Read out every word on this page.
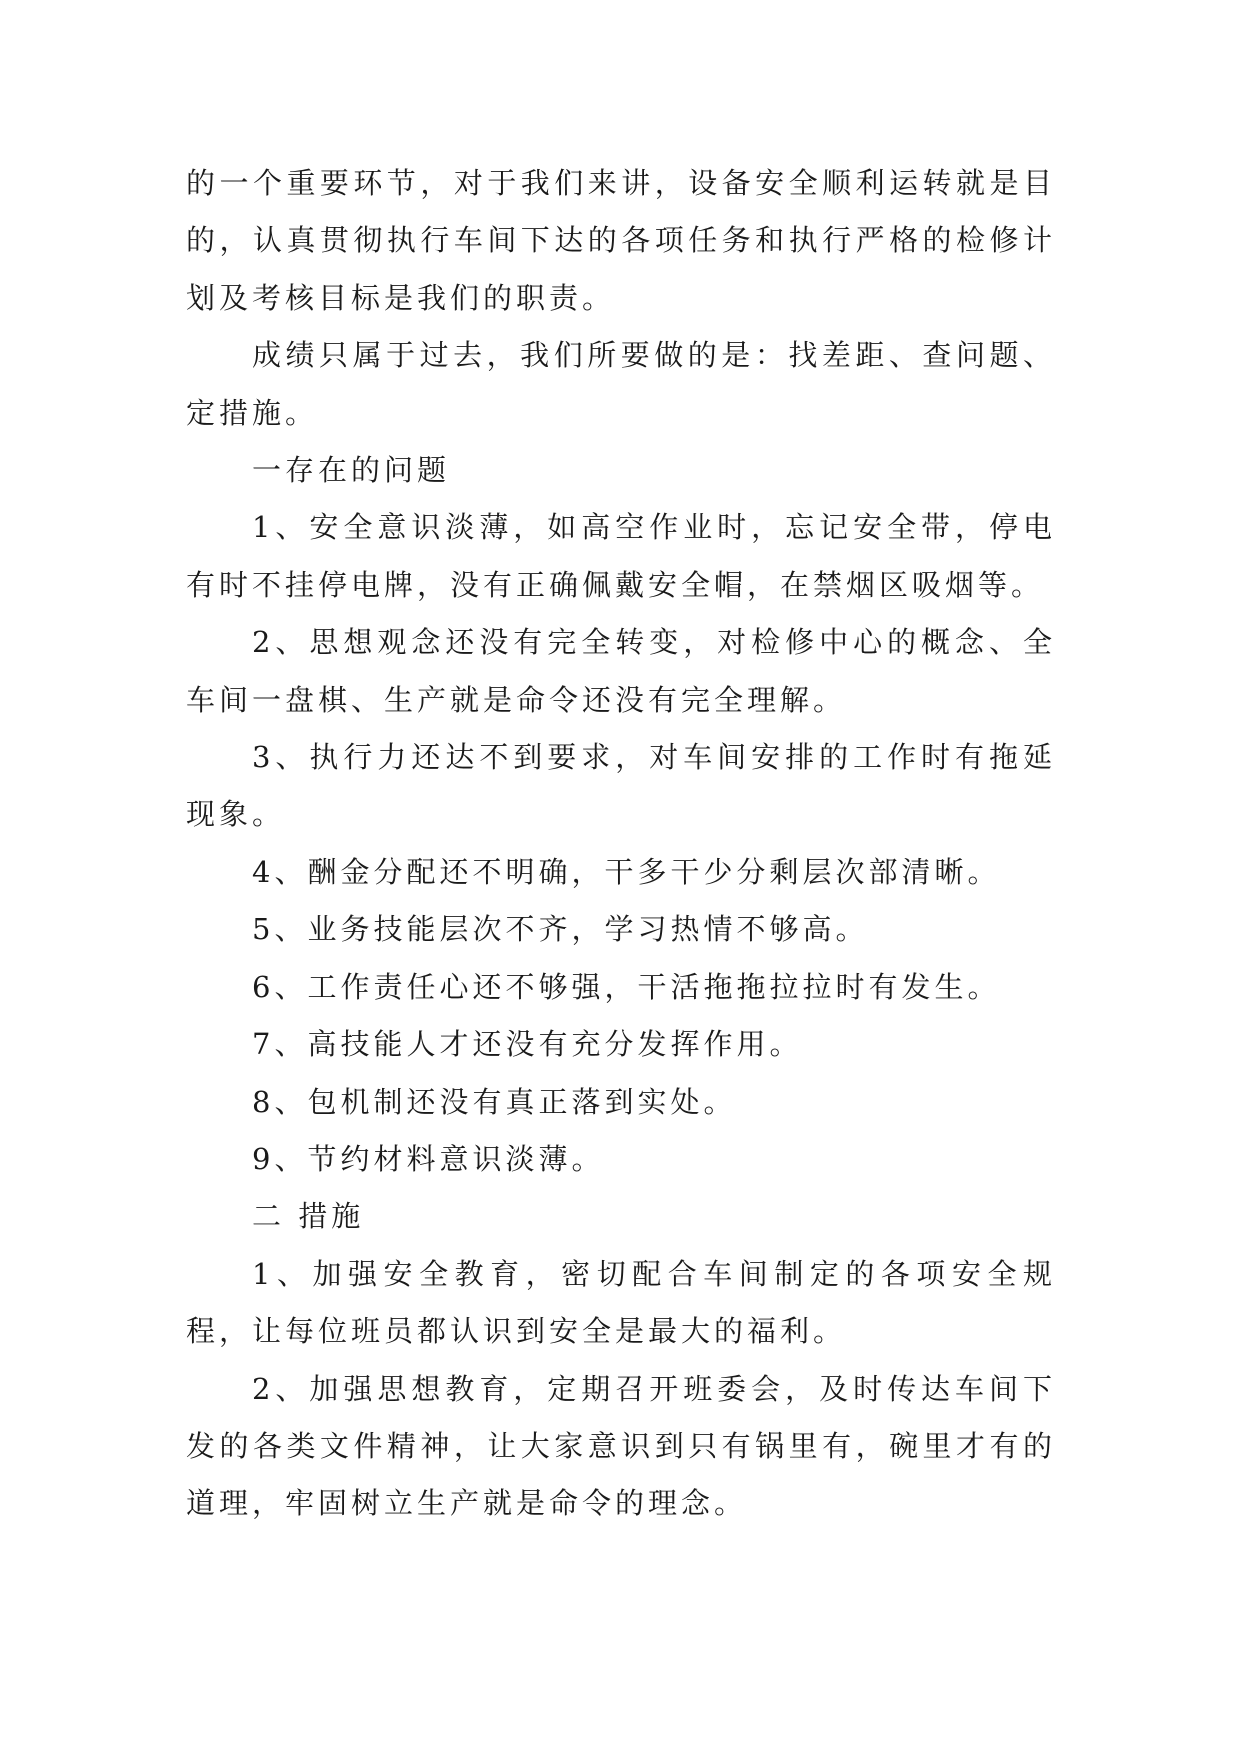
的一个重要环节，对于我们来讲，设备安全顺利运转就是目的，认真贯彻执行车间下达的各项任务和执行严格的检修计划及考核目标是我们的职责。

成绩只属于过去，我们所要做的是：找差距、查问题、定措施。

一存在的问题

1、安全意识淡薄，如高空作业时，忘记安全带，停电有时不挂停电牌，没有正确佩戴安全帽，在禁烟区吸烟等。

2、思想观念还没有完全转变，对检修中心的概念、全车间一盘棋、生产就是命令还没有完全理解。

3、执行力还达不到要求，对车间安排的工作时有拖延现象。

4、酬金分配还不明确，干多干少分剩层次部清晰。

5、业务技能层次不齐，学习热情不够高。

6、工作责任心还不够强，干活拖拖拉拉时有发生。

7、高技能人才还没有充分发挥作用。

8、包机制还没有真正落到实处。

9、节约材料意识淡薄。

二 措施

1、加强安全教育，密切配合车间制定的各项安全规程，让每位班员都认识到安全是最大的福利。

2、加强思想教育，定期召开班委会，及时传达车间下发的各类文件精神，让大家意识到只有锅里有，碗里才有的道理，牢固树立生产就是命令的理念。
